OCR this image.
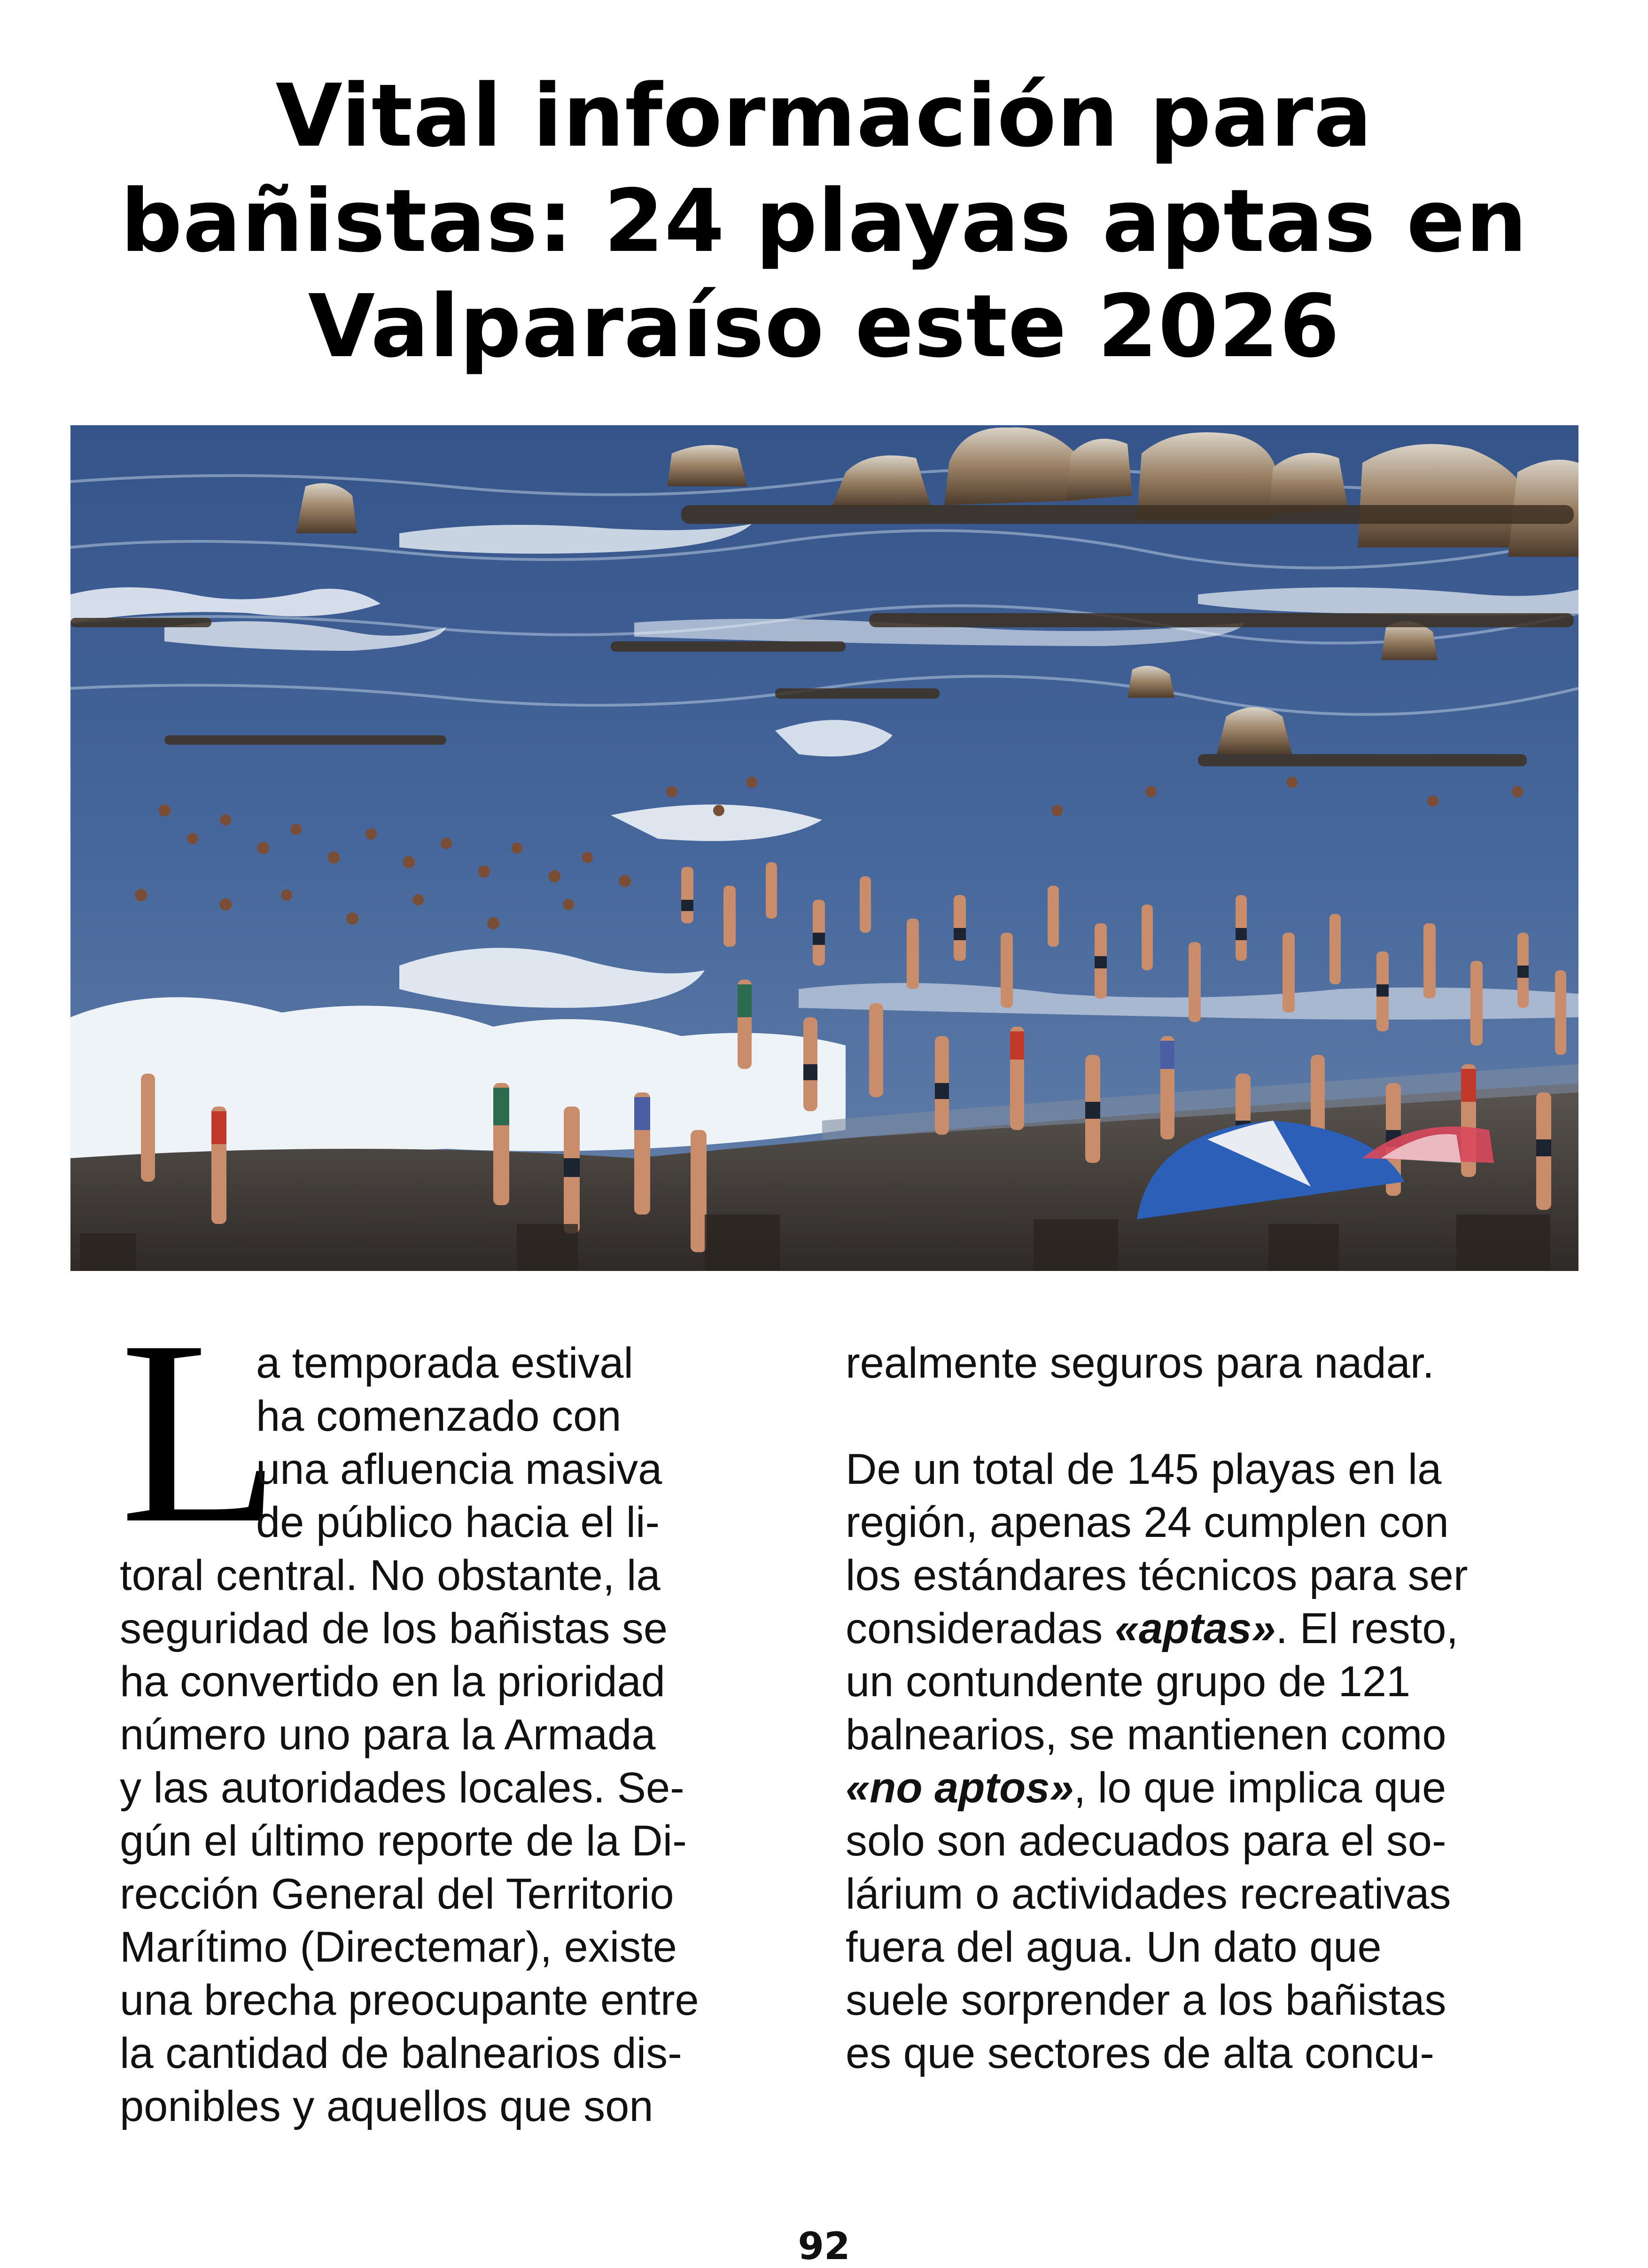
Vital información para
bañistas: 24 playas aptas en
Valparaíso este 2026
L
a temporada estival
ha comenzado con
una afluencia masiva
de público hacia el li-
toral central. No obstante, la
seguridad de los bañistas se
ha convertido en la prioridad
número uno para la Armada
y las autoridades locales. Se-
gún el último reporte de la Di-
rección General del Territorio
Marítimo (Directemar), existe
una brecha preocupante entre
la cantidad de balnearios dis-
ponibles y aquellos que son
realmente seguros para nadar.
De un total de 145 playas en la
región, apenas 24 cumplen con
los estándares técnicos para ser
consideradas «aptas». El resto,
un contundente grupo de 121
balnearios, se mantienen como
«no aptos», lo que implica que
solo son adecuados para el so-
lárium o actividades recreativas
fuera del agua. Un dato que
suele sorprender a los bañistas
es que sectores de alta concu-
92
